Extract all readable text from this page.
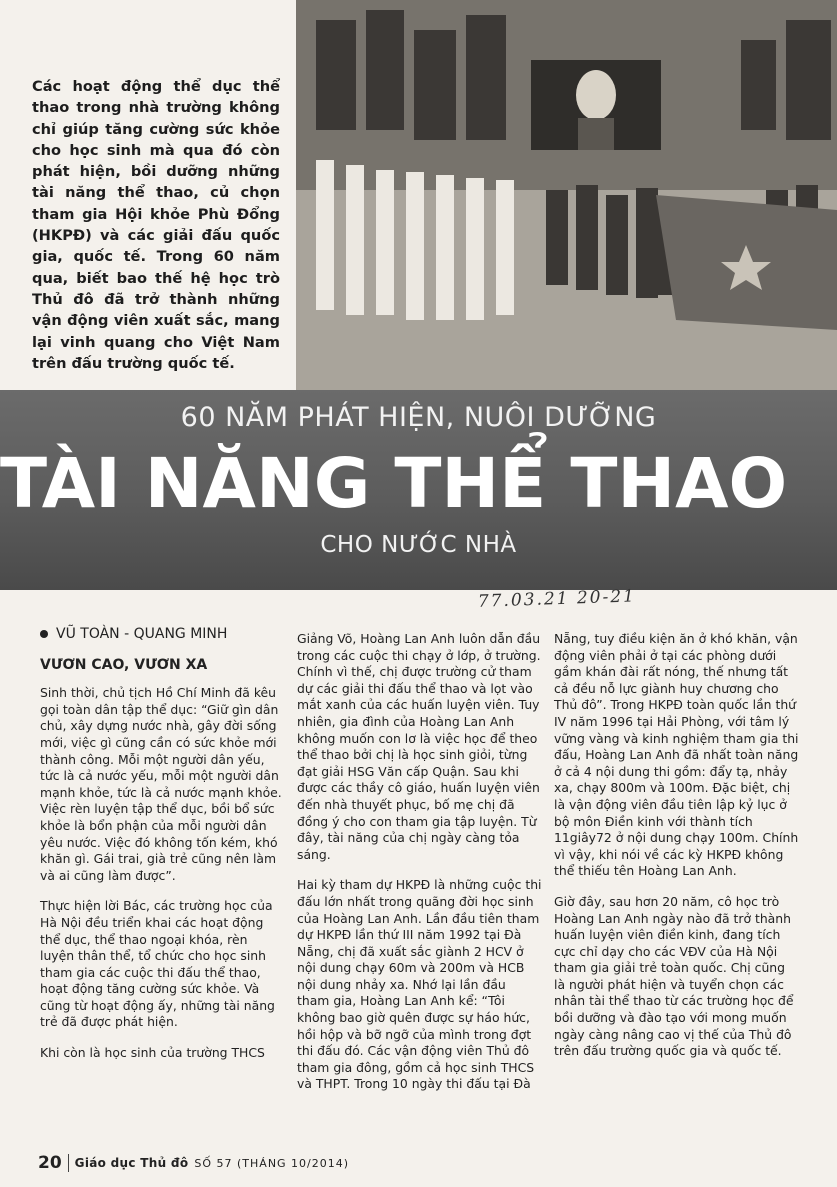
Các hoạt động thể dục thể thao trong nhà trường không chỉ giúp tăng cường sức khỏe cho học sinh mà qua đó còn phát hiện, bồi dưỡng những tài năng thể thao, củ chọn tham gia Hội khỏe Phù Đổng (HKPĐ) và các giải đấu quốc gia, quốc tế. Trong 60 năm qua, biết bao thế hệ học trò Thủ đô đã trở thành những vận động viên xuất sắc, mang lại vinh quang cho Việt Nam trên đấu trường quốc tế.

60 NĂM PHÁT HIỆN, NUÔI DƯỠNG
TÀI NĂNG THỂ THAO
CHO NƯỚC NHÀ
77.03.21 20-21
VŨ TOÀN - QUANG MINH
VƯƠN CAO, VƯƠN XA

Sinh thời, chủ tịch Hồ Chí Minh đã kêu gọi toàn dân tập thể dục: “Giữ gìn dân chủ, xây dựng nước nhà, gây đời sống mới, việc gì cũng cần có sức khỏe mới thành công. Mỗi một người dân yếu, tức là cả nước yếu, mỗi một người dân mạnh khỏe, tức là cả nước mạnh khỏe. Việc rèn luyện tập thể dục, bồi bổ sức khỏe là bổn phận của mỗi người dân yêu nước. Việc đó không tốn kém, khó khăn gì. Gái trai, già trẻ cũng nên làm và ai cũng làm được”.

Thực hiện lời Bác, các trường học của Hà Nội đều triển khai các hoạt động thể dục, thể thao ngoại khóa, rèn luyện thân thể, tổ chức cho học sinh tham gia các cuộc thi đấu thể thao, hoạt động tăng cường sức khỏe. Và cũng từ hoạt động ấy, những tài năng trẻ đã được phát hiện.

Khi còn là học sinh của trường THCS

Giảng Võ, Hoàng Lan Anh luôn dẫn đầu trong các cuộc thi chạy ở lớp, ở trường. Chính vì thế, chị được trường cử tham dự các giải thi đấu thể thao và lọt vào mắt xanh của các huấn luyện viên. Tuy nhiên, gia đình của Hoàng Lan Anh không muốn con lơ là việc học để theo thể thao bởi chị là học sinh giỏi, từng đạt giải HSG Văn cấp Quận. Sau khi được các thầy cô giáo, huấn luyện viên đến nhà thuyết phục, bố mẹ chị đã đồng ý cho con tham gia tập luyện. Từ đây, tài năng của chị ngày càng tỏa sáng.

Hai kỳ tham dự HKPĐ là những cuộc thi đấu lớn nhất trong quãng đời học sinh của Hoàng Lan Anh. Lần đầu tiên tham dự HKPĐ lần thứ III năm 1992 tại Đà Nẵng, chị đã xuất sắc giành 2 HCV ở nội dung chạy 60m và 200m và HCB nội dung nhảy xa. Nhớ lại lần đầu tham gia, Hoàng Lan Anh kể: “Tôi không bao giờ quên được sự háo hức, hồi hộp và bỡ ngỡ của mình trong đợt thi đấu đó. Các vận động viên Thủ đô tham gia đông, gồm cả học sinh THCS và THPT. Trong 10 ngày thi đấu tại Đà

Nẵng, tuy điều kiện ăn ở khó khăn, vận động viên phải ở tại các phòng dưới gầm khán đài rất nóng, thế nhưng tất cả đều nỗ lực giành huy chương cho Thủ đô”. Trong HKPĐ toàn quốc lần thứ IV năm 1996 tại Hải Phòng, với tâm lý vững vàng và kinh nghiệm tham gia thi đấu, Hoàng Lan Anh đã nhất toàn năng ở cả 4 nội dung thi gồm: đẩy tạ, nhảy xa, chạy 800m và 100m. Đặc biệt, chị là vận động viên đầu tiên lập kỷ lục ở bộ môn Điền kinh với thành tích 11giây72 ở nội dung chạy 100m. Chính vì vậy, khi nói về các kỳ HKPĐ không thể thiếu tên Hoàng Lan Anh.

Giờ đây, sau hơn 20 năm, cô học trò Hoàng Lan Anh ngày nào đã trở thành huấn luyện viên điền kinh, đang tích cực chỉ dạy cho các VĐV của Hà Nội tham gia giải trẻ toàn quốc. Chị cũng là người phát hiện và tuyển chọn các nhân tài thể thao từ các trường học để bồi dưỡng và đào tạo với mong muốn ngày càng nâng cao vị thế của Thủ đô trên đấu trường quốc gia và quốc tế.

20 Giáo dục Thủ đô SỐ 57 (THÁNG 10/2014)
